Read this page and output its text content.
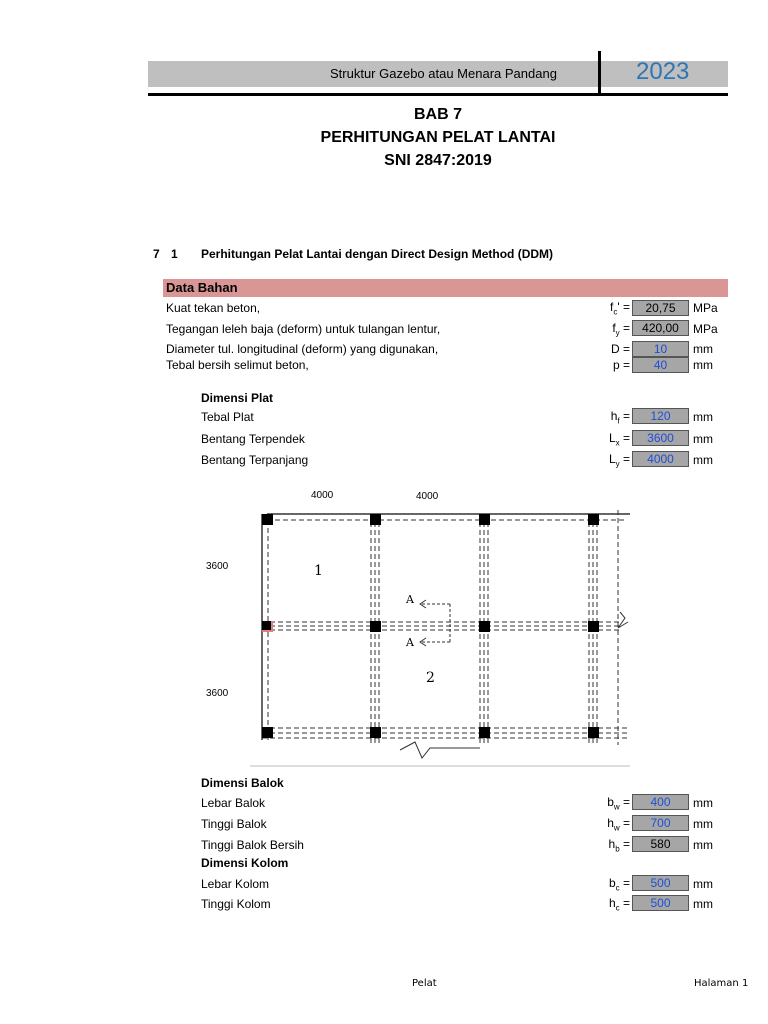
Struktur Gazebo atau Menara Pandang	2023
BAB 7
PERHITUNGAN PELAT LANTAI
SNI 2847:2019
7 1 Perhitungan Pelat Lantai dengan Direct Design Method (DDM)
Data Bahan
Kuat tekan beton,	$f_c'$ =	20,75	MPa
Tegangan leleh baja (deform) untuk tulangan lentur,	$f_y$ =	420,00	MPa
Diameter tul. longitudinal (deform) yang digunakan,	D =	10	mm
Tebal bersih selimut beton,	p =	40	mm
Dimensi Plat
Tebal Plat	$h_f$ =	120	mm
Bentang Terpendek	$L_x$ =	3600	mm
Bentang Terpanjang	$L_y$ =	4000	mm
4000	4000
3600
3600
1
2
A
A
Dimensi Balok
Lebar Balok	$b_w$ =	400	mm
Tinggi Balok	$h_w$ =	700	mm
Tinggi Balok Bersih	$h_b$ =	580	mm
Dimensi Kolom
Lebar Kolom	$b_c$ =	500	mm
Tinggi Kolom	$h_c$ =	500	mm
Pelat	Halaman 1
